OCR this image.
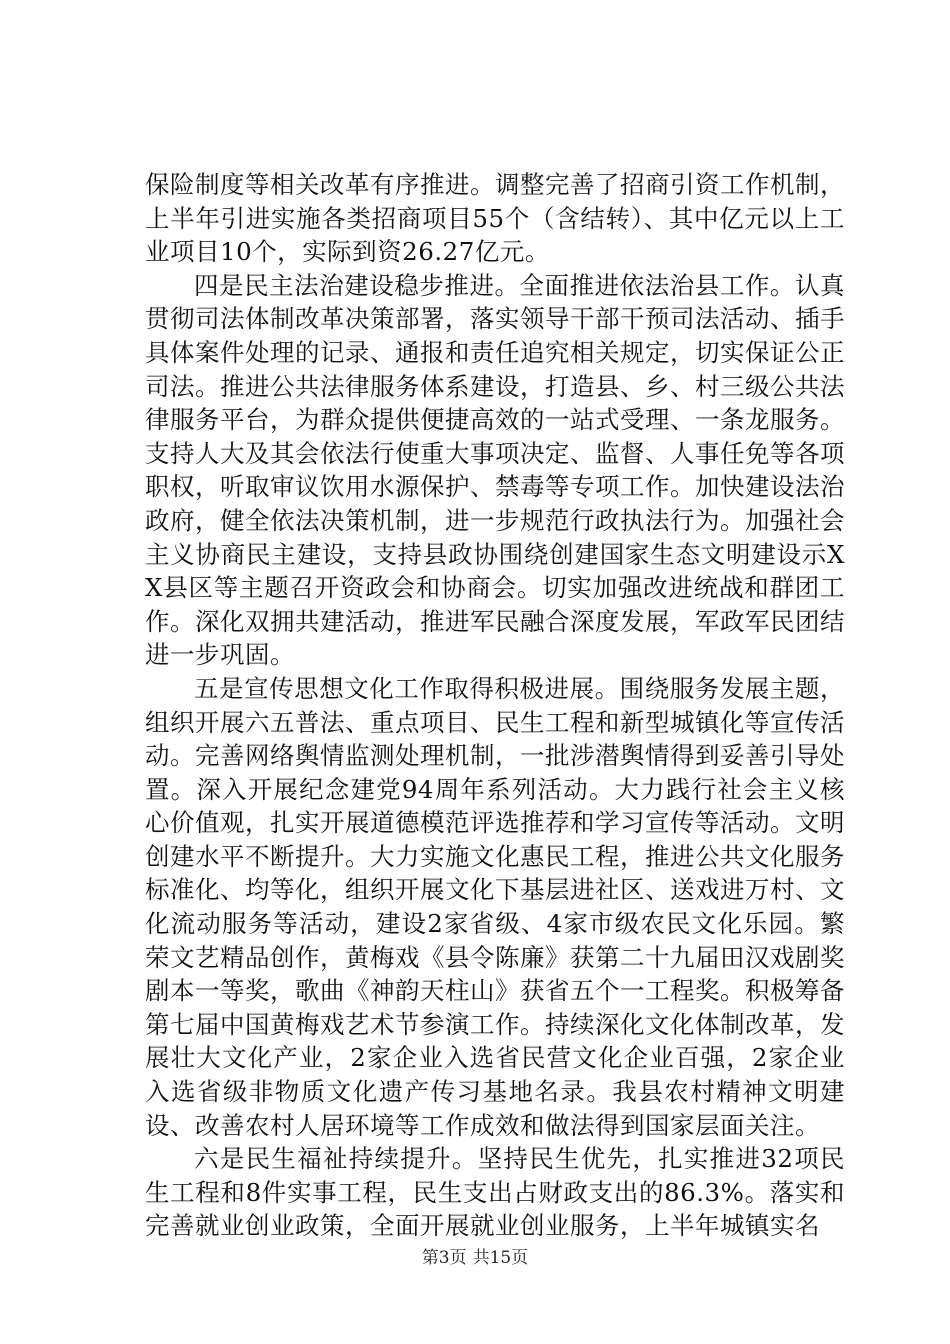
保险制度等相关改革有序推进。调整完善了招商引资工作机制，上半年引进实施各类招商项目55个（含结转）、其中亿元以上工业项目10个，实际到资26.27亿元。

四是民主法治建设稳步推进。全面推进依法治县工作。认真贯彻司法体制改革决策部署，落实领导干部干预司法活动、插手具体案件处理的记录、通报和责任追究相关规定，切实保证公正司法。推进公共法律服务体系建设，打造县、乡、村三级公共法律服务平台，为群众提供便捷高效的一站式受理、一条龙服务。支持人大及其会依法行使重大事项决定、监督、人事任免等各项职权，听取审议饮用水源保护、禁毒等专项工作。加快建设法治政府，健全依法决策机制，进一步规范行政执法行为。加强社会主义协商民主建设，支持县政协围绕创建国家生态文明建设示XX县区等主题召开资政会和协商会。切实加强改进统战和群团工作。深化双拥共建活动，推进军民融合深度发展，军政军民团结进一步巩固。

五是宣传思想文化工作取得积极进展。围绕服务发展主题，组织开展六五普法、重点项目、民生工程和新型城镇化等宣传活动。完善网络舆情监测处理机制，一批涉潜舆情得到妥善引导处置。深入开展纪念建党94周年系列活动。大力践行社会主义核心价值观，扎实开展道德模范评选推荐和学习宣传等活动。文明创建水平不断提升。大力实施文化惠民工程，推进公共文化服务标准化、均等化，组织开展文化下基层进社区、送戏进万村、文化流动服务等活动，建设2家省级、4家市级农民文化乐园。繁荣文艺精品创作，黄梅戏《县令陈廉》获第二十九届田汉戏剧奖剧本一等奖，歌曲《神韵天柱山》获省五个一工程奖。积极筹备第七届中国黄梅戏艺术节参演工作。持续深化文化体制改革，发展壮大文化产业，2家企业入选省民营文化企业百强，2家企业入选省级非物质文化遗产传习基地名录。我县农村精神文明建设、改善农村人居环境等工作成效和做法得到国家层面关注。

六是民生福祉持续提升。坚持民生优先，扎实推进32项民生工程和8件实事工程，民生支出占财政支出的86.3%。落实和完善就业创业政策，全面开展就业创业服务，上半年城镇实名

第3页 共15页
